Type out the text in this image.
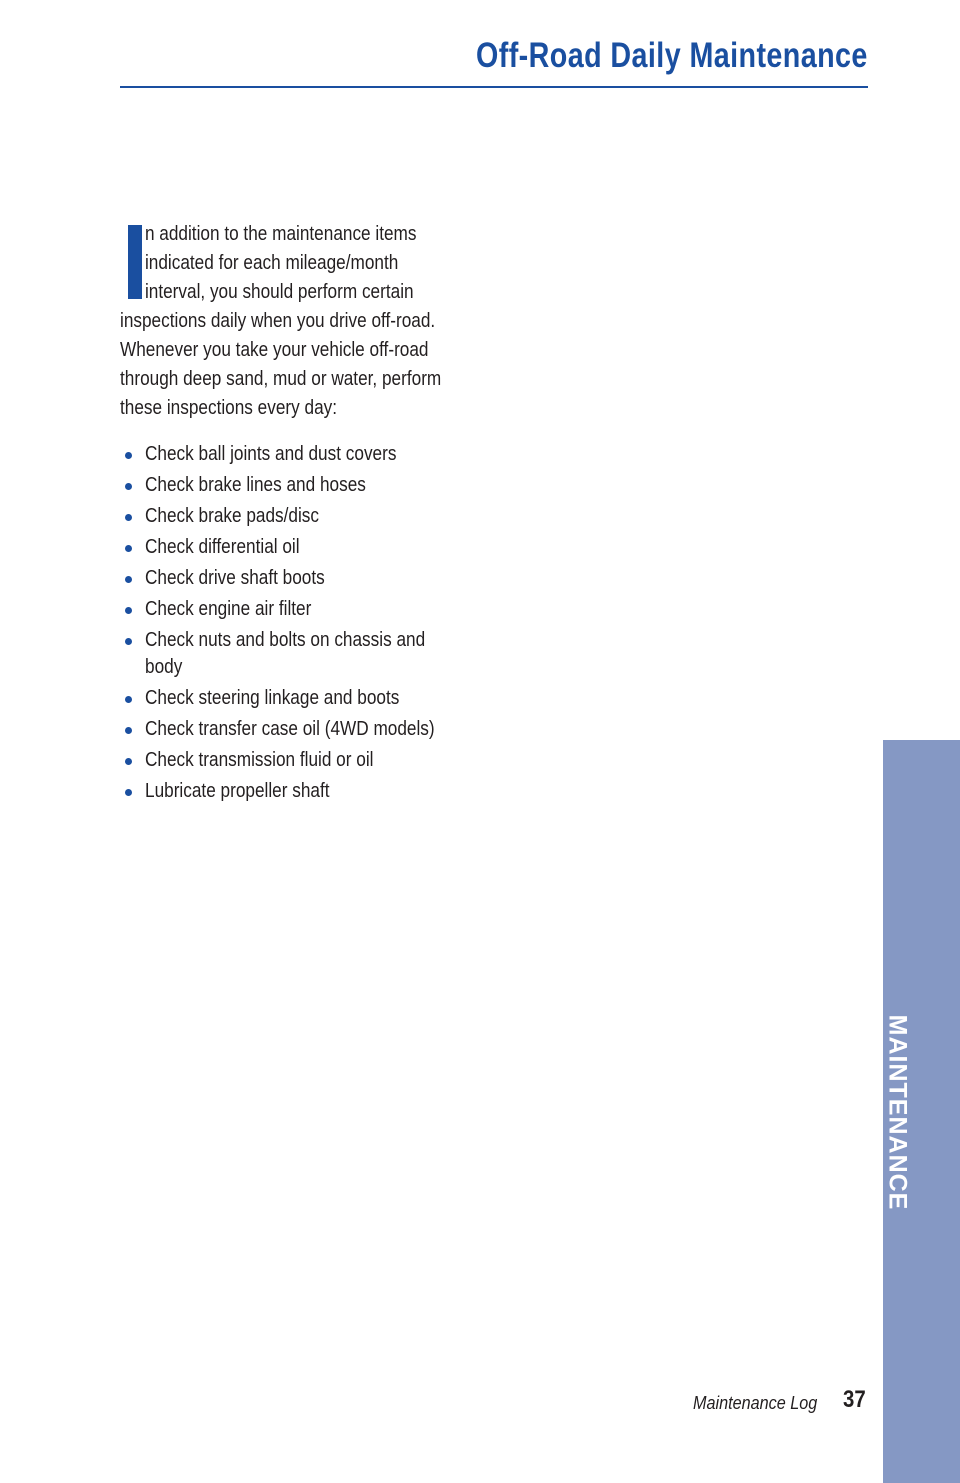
Off-Road Daily Maintenance
n addition to the maintenance items
indicated for each mileage/month
interval, you should perform certain
inspections daily when you drive off-road.
Whenever you take your vehicle off-road
through deep sand, mud or water, perform
these inspections every day:
Check ball joints and dust covers
Check brake lines and hoses
Check brake pads/disc
Check differential oil
Check drive shaft boots
Check engine air filter
Check nuts and bolts on chassis and
body
Check steering linkage and boots
Check transfer case oil (4WD models)
Check transmission fluid or oil
Lubricate propeller shaft
MAINTENANCE
Maintenance Log 37
